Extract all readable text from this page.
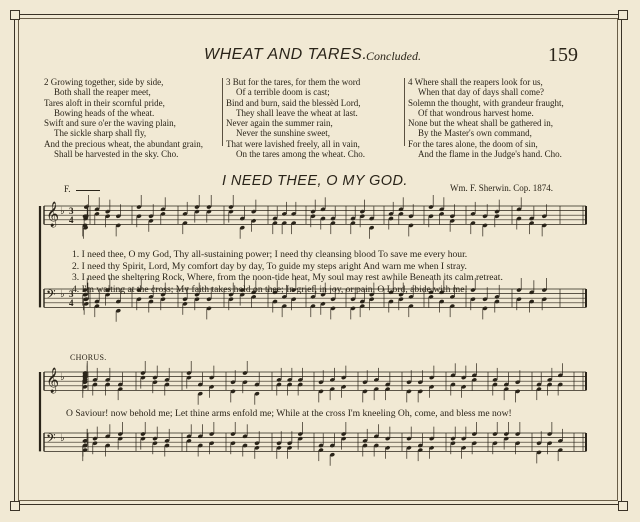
WHEAT AND TARES.
Concluded.	159
2 Growing together, side by side,
Both shall the reaper meet,
Tares aloft in their scornful pride,
Bowing heads of the wheat.
Swift and sure o'er the waving plain,
The sickle sharp shall fly,
And the precious wheat, the abundant grain,
Shall be harvested in the sky. Cho.
3 But for the tares, for them the word
Of a terrible doom is cast;
Bind and burn, said the blessèd Lord,
They shall leave the wheat at last.
Never again the summer rain,
Never the sunshine sweet,
That were lavished freely, all in vain,
On the tares among the wheat. Cho.
4 Where shall the reapers look for us,
When that day of days shall come?
Solemn the thought, with grandeur fraught,
Of that wondrous harvest home.
None but the wheat shall be gathered in,
By the Master's own command,
For the tares alone, the doom of sin,
And the flame in the Judge's hand. Cho.
I NEED THEE, O MY GOD.
F.	Wm. F. Sherwin. Cop. 1874.
𝄞 ♭ 3
4
𝄢 ♭ 3
4
𝄞 ♭
𝄢 ♭
1. I need thee, O my God, Thy all-sustaining power; I need thy cleansing blood To save me every hour.
2. I need thy Spirit, Lord, My comfort day by day, To guide my steps aright And warn me when I stray.
3. I need the sheltering Rock, Where, from the noon-tide heat, My soul may rest awhile Beneath its calm retreat.
4. I'm waiting at the cross; My faith takes hold on thee; In grief, in joy, or pain, O Lord, abide with me!
CHORUS.
O Saviour! now behold me; Let thine arms enfold me; While at the cross I'm kneeling Oh, come, and bless me now!
